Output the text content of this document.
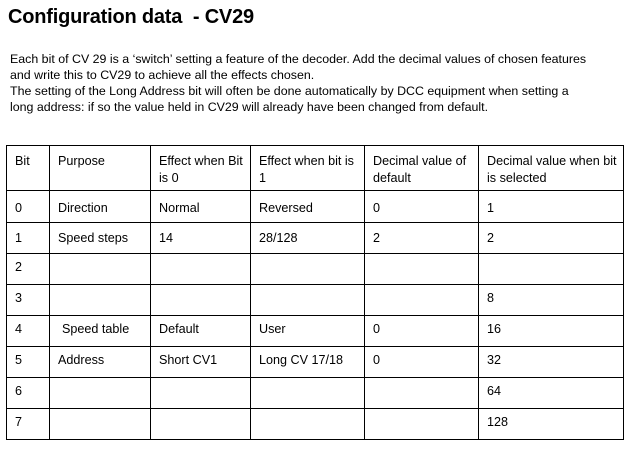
Configuration data  - CV29

Each bit of CV 29 is a ‘switch’ setting a feature of the decoder. Add the decimal values of chosen features

and write this to CV29 to achieve all the effects chosen.

The setting of the Long Address bit will often be done automatically by DCC equipment when setting a

long address: if so the value held in CV29 will already have been changed from default.

Bit	Purpose	Effect when Bit is 0	Effect when bit is 1	Decimal value of default	Decimal value when bit is selected
0	Direction	Normal	Reversed	0	1
1	Speed steps	14	28/128	2	2
2					
3					8
4	Speed table	Default	User	0	16
5	Address	Short CV1	Long CV 17/18	0	32
6					64
7					128
